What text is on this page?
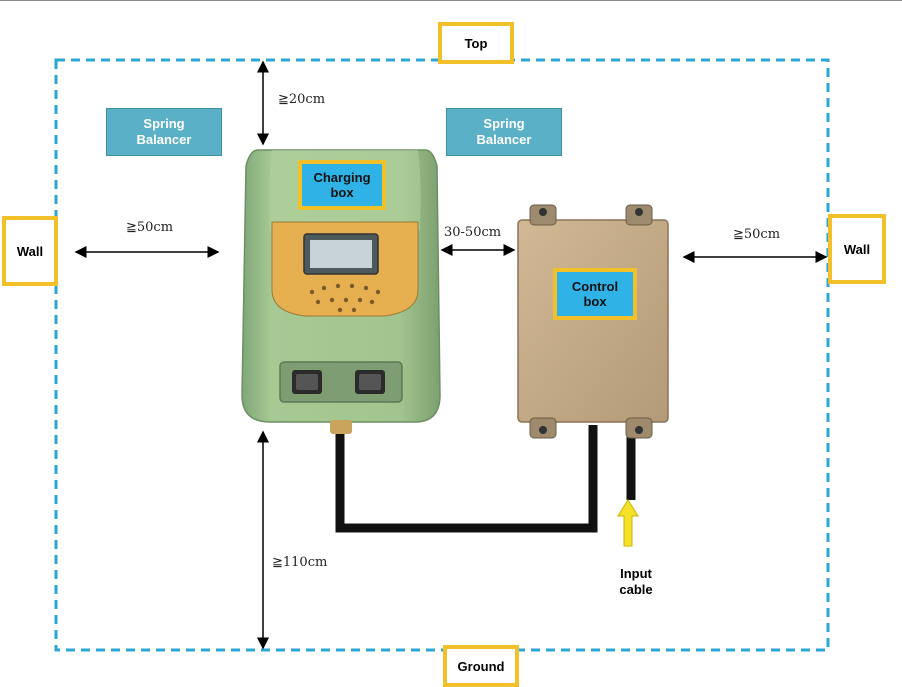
Top
Ground
Wall	Wall
Spring
Balancer
Spring
Balancer
Charging
box
Control
box
≧20cm
≧50cm	30-50cm	≧50cm
≧110cm
Input
cable
